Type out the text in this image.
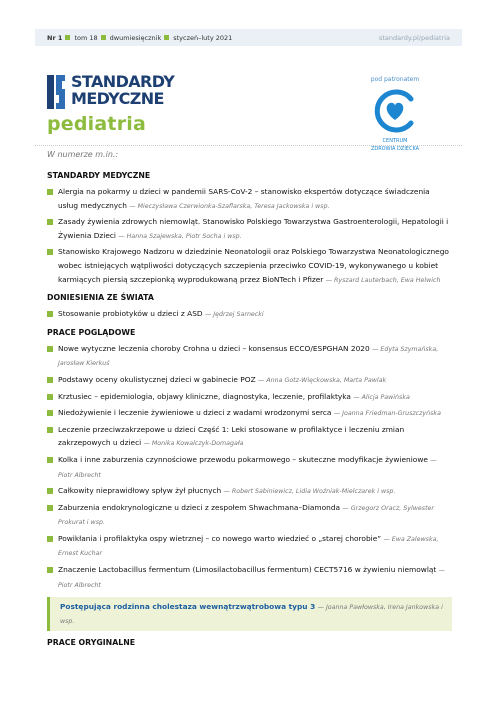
Nr 1 tom 18 dwumiesięcznik styczeń–luty 2021	standardy.pl/pediatria
STANDARDY
MEDYCZNE
pediatria
pod patronatem
CENTRUM
ZDROWIA DZIECKA
W numerze m.in.:
STANDARDY MEDYCZNE
Alergia na pokarmy u dzieci w pandemii SARS-CoV-2 – stanowisko ekspertów dotyczące świadczenia usług medycznych — Mieczysława Czerwionka-Szaflarska, Teresa Jackowska i wsp.
Zasady żywienia zdrowych niemowląt. Stanowisko Polskiego Towarzystwa Gastroenterologii, Hepatologii i Żywienia Dzieci — Hanna Szajewska, Piotr Socha i wsp.
Stanowisko Krajowego Nadzoru w dziedzinie Neonatologii oraz Polskiego Towarzystwa Neonatologicznego wobec istniejących wątpliwości dotyczących szczepienia przeciwko COVID-19, wykonywanego u kobiet karmiących piersią szczepionką wyprodukowaną przez BioNTech i Pfizer — Ryszard Lauterbach, Ewa Helwich
DONIESIENIA ZE ŚWIATA
Stosowanie probiotyków u dzieci z ASD — Jędrzej Sarnecki
PRACE POGLĄDOWE
Nowe wytyczne leczenia choroby Crohna u dzieci – konsensus ECCO/ESPGHAN 2020 — Edyta Szymańska, Jarosław Kierkuś
Podstawy oceny okulistycznej dzieci w gabinecie POZ — Anna Gotz-Więckowska, Marta Pawlak
Krztusiec – epidemiologia, objawy kliniczne, diagnostyka, leczenie, profilaktyka — Alicja Pawińska
Niedożywienie i leczenie żywieniowe u dzieci z wadami wrodzonymi serca — Joanna Friedman-Gruszczyńska
Leczenie przeciwzakrzepowe u dzieci Część 1: Leki stosowane w profilaktyce i leczeniu zmian zakrzepowych u dzieci — Monika Kowalczyk-Domagała
Kolka i inne zaburzenia czynnościowe przewodu pokarmowego – skuteczne modyfikacje żywieniowe — Piotr Albrecht
Całkowity nieprawidłowy spływ żył płucnych — Robert Sabiniewicz, Lidia Woźniak-Mielczarek i wsp.
Zaburzenia endokrynologiczne u dzieci z zespołem Shwachmana–Diamonda — Grzegorz Oracz, Sylwester Prokurat i wsp.
Powikłania i profilaktyka ospy wietrznej – co nowego warto wiedzieć o „starej chorobie” — Ewa Zalewska, Ernest Kuchar
Znaczenie Lactobacillus fermentum (Limosilactobacillus fermentum) CECT5716 w żywieniu niemowląt — Piotr Albrecht
Postępująca rodzinna cholestaza wewnątrzwątrobowa typu 3 — Joanna Pawłowska, Irena Jankowska i wsp.
PRACE ORYGINALNE
